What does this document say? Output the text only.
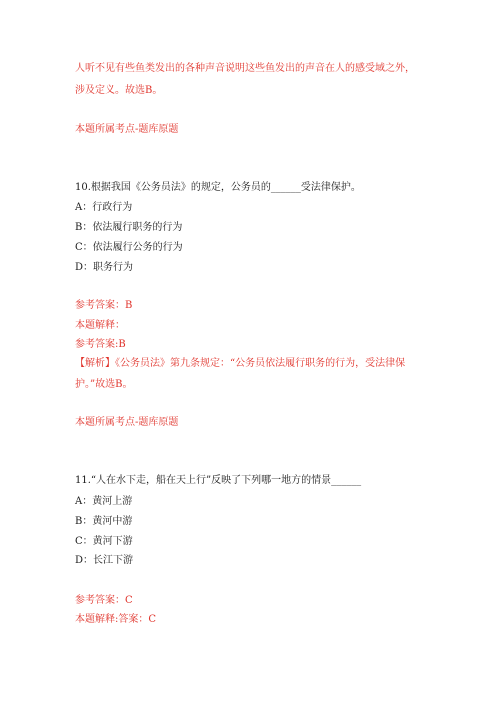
人听不见有些鱼类发出的各种声音说明这些鱼发出的声音在人的感受域之外，
涉及定义。故选B。
本题所属考点-题库原题
10.根据我国《公务员法》的规定，公务员的______受法律保护。
A：行政行为
B：依法履行职务的行为
C：依法履行公务的行为
D：职务行为
参考答案：B
本题解释：
参考答案:B
【解析】《公务员法》第九条规定：“公务员依法履行职务的行为，受法律保
护。”故选B。
本题所属考点-题库原题
11.“人在水下走，船在天上行”反映了下列哪一地方的情景______
A：黄河上游
B：黄河中游
C：黄河下游
D：长江下游
参考答案：C
本题解释:答案：C
